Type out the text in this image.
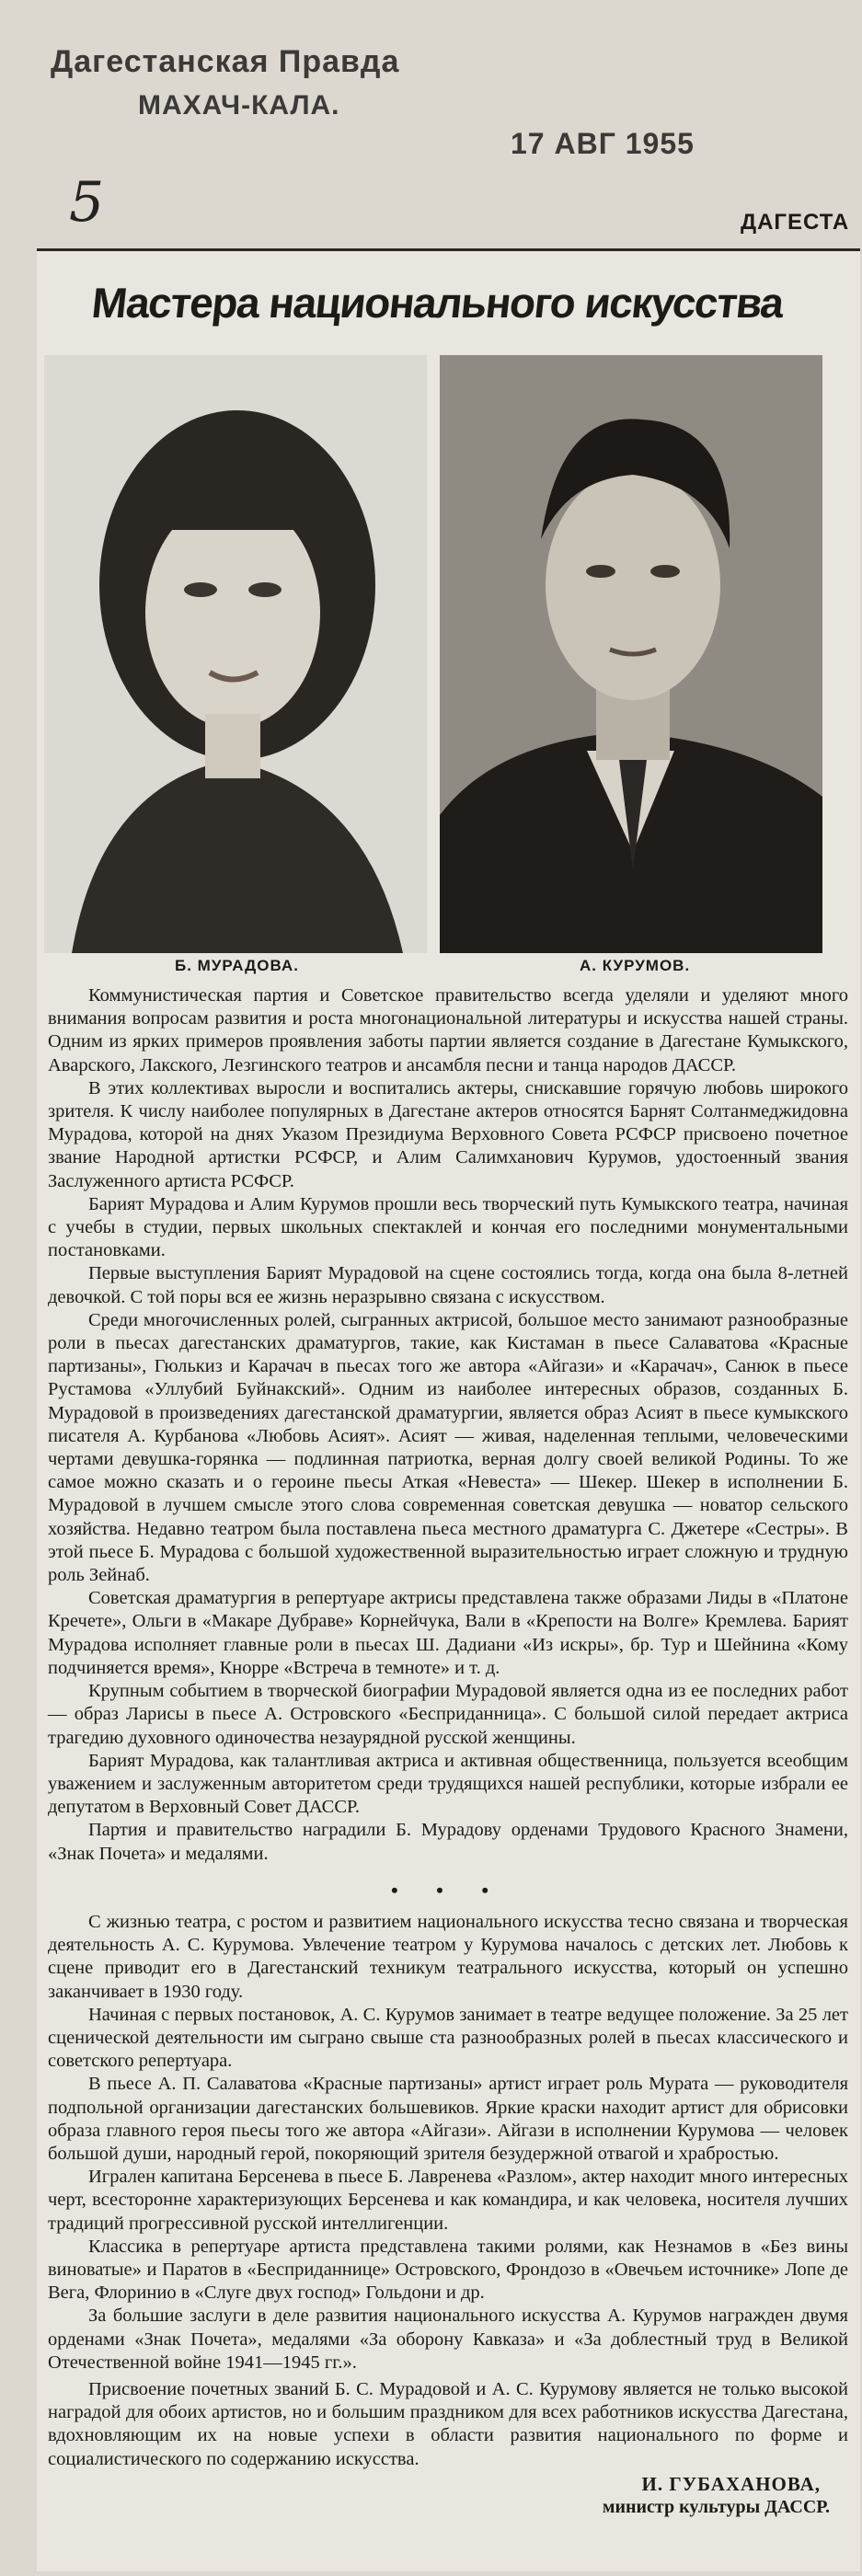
Дагестанская Правда
МАХАЧ-КАЛА.
17 АВГ 1955
5	ДАГЕСТА
Мастера национального искусства
Б. МУРАДОВА.	А. КУРУМОВ.

Коммунистическая партия и Советское правительство всегда уделяли и уделяют много внимания вопросам развития и роста многонациональной литературы и искусства нашей страны. Одним из ярких примеров проявления заботы партии является создание в Дагестане Кумыкского, Аварского, Лакского, Лезгинского театров и ансамбля песни и танца народов ДАССР.

В этих коллективах выросли и воспитались актеры, снискавшие горячую любовь широкого зрителя. К числу наиболее популярных в Дагестане актеров относятся Барнят Солтанмеджидовна Мурадова, которой на днях Указом Президиума Верховного Совета РСФСР присвоено почетное звание Народной артистки РСФСР, и Алим Салимханович Курумов, удостоенный звания Заслуженного артиста РСФСР.

Барият Мурадова и Алим Курумов прошли весь творческий путь Кумыкского театра, начиная с учебы в студии, первых школьных спектаклей и кончая его последними монументальными постановками.

Первые выступления Барият Мурадовой на сцене состоялись тогда, когда она была 8-летней девочкой. С той поры вся ее жизнь неразрывно связана с искусством.

Среди многочисленных ролей, сыгранных актрисой, большое место занимают разнообразные роли в пьесах дагестанских драматургов, такие, как Кистаман в пьесе Салаватова «Красные партизаны», Гюлькиз и Карачач в пьесах того же автора «Айгази» и «Карачач», Санюк в пьесе Рустамова «Уллубий Буйнакский». Одним из наиболее интересных образов, созданных Б. Мурадовой в произведениях дагестанской драматургии, является образ Асият в пьесе кумыкского писателя А. Курбанова «Любовь Асият». Асият — живая, наделенная теплыми, человеческими чертами девушка-горянка — подлинная патриотка, верная долгу своей великой Родины. То же самое можно сказать и о героине пьесы Аткая «Невеста» — Шекер. Шекер в исполнении Б. Мурадовой в лучшем смысле этого слова современная советская девушка — новатор сельского хозяйства. Недавно театром была поставлена пьеса местного драматурга С. Джетере «Сестры». В этой пьесе Б. Мурадова с большой художественной выразительностью играет сложную и трудную роль Зейнаб.

Советская драматургия в репертуаре актрисы представлена также образами Лиды в «Платоне Кречете», Ольги в «Макаре Дубраве» Корнейчука, Вали в «Крепости на Волге» Кремлева. Барият Мурадова исполняет главные роли в пьесах Ш. Дадиани «Из искры», бр. Тур и Шейнина «Кому подчиняется время», Кнорре «Встреча в темноте» и т. д.

Крупным событием в творческой биографии Мурадовой является одна из ее последних работ — образ Ларисы в пьесе А. Островского «Бесприданница». С большой силой передает актриса трагедию духовного одиночества незаурядной русской женщины.

Барият Мурадова, как талантливая актриса и активная общественница, пользуется всеобщим уважением и заслуженным авторитетом среди трудящихся нашей республики, которые избрали ее депутатом в Верховный Совет ДАССР.

Партия и правительство наградили Б. Мурадову орденами Трудового Красного Знамени, «Знак Почета» и медалями.

• • •

С жизнью театра, с ростом и развитием национального искусства тесно связана и творческая деятельность А. С. Курумова. Увлечение театром у Курумова началось с детских лет. Любовь к сцене приводит его в Дагестанский техникум театрального искусства, который он успешно заканчивает в 1930 году.

Начиная с первых постановок, А. С. Курумов занимает в театре ведущее положение. За 25 лет сценической деятельности им сыграно свыше ста разнообразных ролей в пьесах классического и советского репертуара.

В пьесе А. П. Салаватова «Красные партизаны» артист играет роль Мурата — руководителя подпольной организации дагестанских большевиков. Яркие краски находит артист для обрисовки образа главного героя пьесы того же автора «Айгази». Айгази в исполнении Курумова — человек большой души, народный герой, покоряющий зрителя безудержной отвагой и храбростью.

Игрален капитана Берсенева в пьесе Б. Лавренева «Разлом», актер находит много интересных черт, всесторонне характеризующих Берсенева и как командира, и как человека, носителя лучших традиций прогрессивной русской интеллигенции.

Классика в репертуаре артиста представлена такими ролями, как Незнамов в «Без вины виноватые» и Паратов в «Бесприданнице» Островского, Фрондозо в «Овечьем источнике» Лопе де Вега, Флоринио в «Слуге двух господ» Гольдони и др.

За большие заслуги в деле развития национального искусства А. Курумов награжден двумя орденами «Знак Почета», медалями «За оборону Кавказа» и «За доблестный труд в Великой Отечественной войне 1941—1945 гг.».

Присвоение почетных званий Б. С. Мурадовой и А. С. Курумову является не только высокой наградой для обоих артистов, но и большим праздником для всех работников искусства Дагестана, вдохновляющим их на новые успехи в области развития национального по форме и социалистического по содержанию искусства.

И. ГУБАХАНОВА,
министр культуры ДАССР.
